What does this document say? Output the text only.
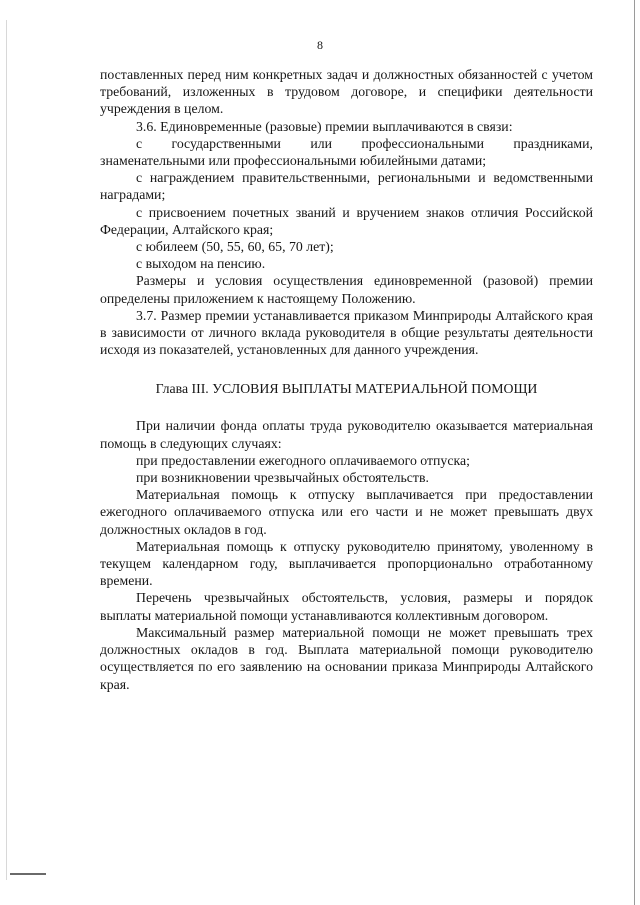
8

поставленных перед ним конкретных задач и должностных обязанностей с учетом требований, изложенных в трудовом договоре, и специфики деятельности учреждения в целом.

3.6. Единовременные (разовые) премии выплачиваются в связи:

с государственными или профессиональными праздниками, знаменательными или профессиональными юбилейными датами;

с награждением правительственными, региональными и ведомственными наградами;

с присвоением почетных званий и вручением знаков отличия Российской Федерации, Алтайского края;

с юбилеем (50, 55, 60, 65, 70 лет);

с выходом на пенсию.

Размеры и условия осуществления единовременной (разовой) премии определены приложением к настоящему Положению.

3.7. Размер премии устанавливается приказом Минприроды Алтайского края в зависимости от личного вклада руководителя в общие результаты деятельности исходя из показателей, установленных для данного учреждения.

Глава III. УСЛОВИЯ ВЫПЛАТЫ МАТЕРИАЛЬНОЙ ПОМОЩИ

При наличии фонда оплаты труда руководителю оказывается материальная помощь в следующих случаях:

при предоставлении ежегодного оплачиваемого отпуска;

при возникновении чрезвычайных обстоятельств.

Материальная помощь к отпуску выплачивается при предоставлении ежегодного оплачиваемого отпуска или его части и не может превышать двух должностных окладов в год.

Материальная помощь к отпуску руководителю принятому, уволенному в текущем календарном году, выплачивается пропорционально отработанному времени.

Перечень чрезвычайных обстоятельств, условия, размеры и порядок выплаты материальной помощи устанавливаются коллективным договором.

Максимальный размер материальной помощи не может превышать трех должностных окладов в год. Выплата материальной помощи руководителю осуществляется по его заявлению на основании приказа Минприроды Алтайского края.
